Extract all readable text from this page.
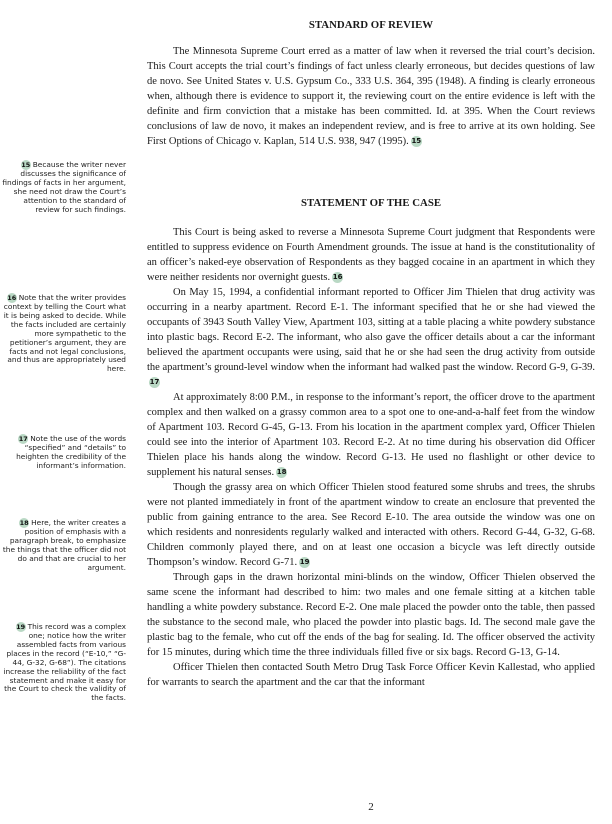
15 Because the writer never discusses the significance of findings of facts in her argument, she need not draw the Court’s attention to the standard of review for such findings.
16 Note that the writer provides context by telling the Court what it is being asked to decide. While the facts included are certainly more sympathetic to the petitioner’s argument, they are facts and not legal conclusions, and thus are appropriately used here.
17 Note the use of the words “specified” and “details” to heighten the credibility of the informant’s information.
18 Here, the writer creates a position of emphasis with a paragraph break, to emphasize the things that the officer did not do and that are crucial to her argument.
19 This record was a complex one; notice how the writer assembled facts from various places in the record (“E-10,” “G-44, G-32, G-68”). The citations increase the reliability of the fact statement and make it easy for the Court to check the validity of the facts.
STANDARD OF REVIEW

The Minnesota Supreme Court erred as a matter of law when it reversed the trial court’s decision. This Court accepts the trial court’s findings of fact unless clearly erroneous, but decides questions of law de novo. See United States v. U.S. Gypsum Co., 333 U.S. 364, 395 (1948). A finding is clearly erroneous when, although there is evidence to support it, the reviewing court on the entire evidence is left with the definite and firm conviction that a mistake has been committed. Id. at 395. When the Court reviews conclusions of law de novo, it makes an independent review, and is free to arrive at its own holding. See First Options of Chicago v. Kaplan, 514 U.S. 938, 947 (1995). 15

STATEMENT OF THE CASE

This Court is being asked to reverse a Minnesota Supreme Court judgment that Respondents were entitled to suppress evidence on Fourth Amendment grounds. The issue at hand is the constitutionality of an officer’s naked-eye observation of Respondents as they bagged cocaine in an apartment in which they were neither residents nor overnight guests. 16

On May 15, 1994, a confidential informant reported to Officer Jim Thielen that drug activity was occurring in a nearby apartment. Record E-1. The informant specified that he or she had viewed the occupants of 3943 South Valley View, Apartment 103, sitting at a table placing a white powdery substance into plastic bags. Record E-2. The informant, who also gave the officer details about a car the informant believed the apartment occupants were using, said that he or she had seen the drug activity from outside the apartment’s ground-level window when the informant had walked past the window. Record G-9, G-39.17

At approximately 8:00 P.M., in response to the informant’s report, the officer drove to the apartment complex and then walked on a grassy common area to a spot one to one-and-a-half feet from the window of Apartment 103. Record G-45, G-13. From his location in the apartment complex yard, Officer Thielen could see into the interior of Apartment 103. Record E-2. At no time during his observation did Officer Thielen place his hands along the window. Record G-13. He used no flashlight or other device to supplement his natural senses. 18

Though the grassy area on which Officer Thielen stood featured some shrubs and trees, the shrubs were not planted immediately in front of the apartment window to create an enclosure that prevented the public from gaining entrance to the area. See Record E-10. The area outside the window was one on which residents and nonresidents regularly walked and interacted with others. Record G-44, G-32, G-68. Children commonly played there, and on at least one occasion a bicycle was left directly outside Thompson’s window. Record G-71. 19

Through gaps in the drawn horizontal mini-blinds on the window, Officer Thielen observed the same scene the informant had described to him: two males and one female sitting at a kitchen table handling a white powdery substance. Record E-2. One male placed the powder onto the table, then passed the substance to the second male, who placed the powder into plastic bags. Id. The second male gave the plastic bag to the female, who cut off the ends of the bag for sealing. Id. The officer observed the activity for 15 minutes, during which time the three individuals filled five or six bags. Record G-13, G-14.

Officer Thielen then contacted South Metro Drug Task Force Officer Kevin Kallestad, who applied for warrants to search the apartment and the car that the informant

2
